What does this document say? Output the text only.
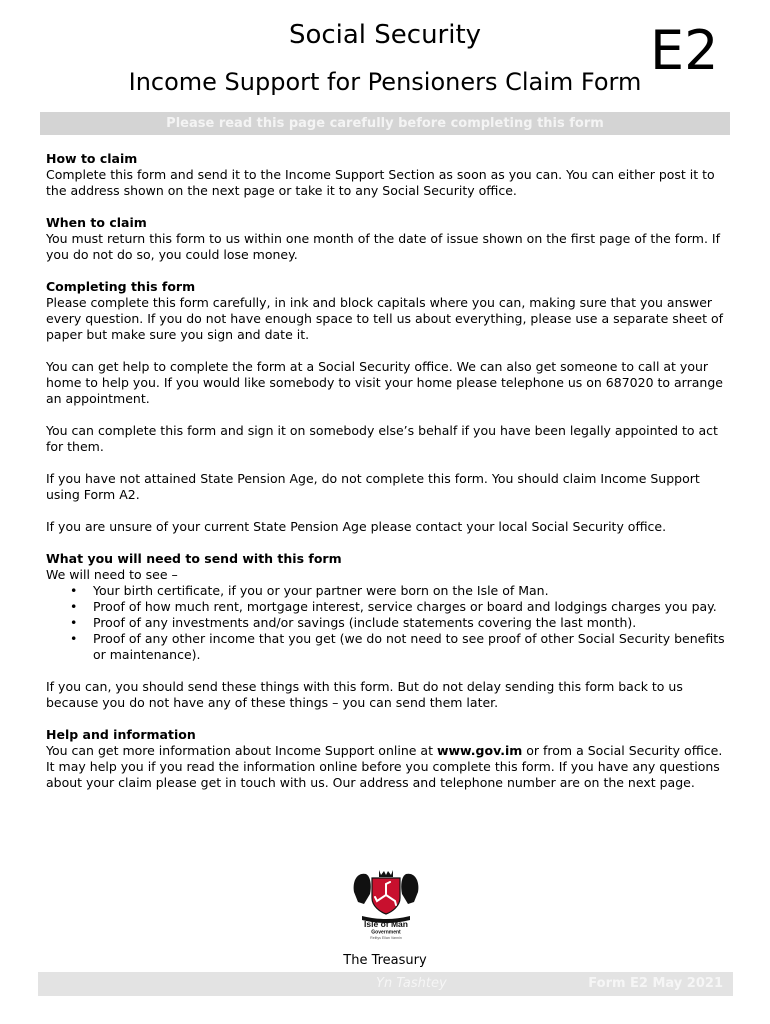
Social Security
Income Support for Pensioners Claim Form E2
Please read this page carefully before completing this form
How to claim

Complete this form and send it to the Income Support Section as soon as you can. You can either post it to the address shown on the next page or take it to any Social Security office.

When to claim

You must return this form to us within one month of the date of issue shown on the first page of the form. If you do not do so, you could lose money.

Completing this form

Please complete this form carefully, in ink and block capitals where you can, making sure that you answer every question. If you do not have enough space to tell us about everything, please use a separate sheet of paper but make sure you sign and date it.

You can get help to complete the form at a Social Security office. We can also get someone to call at your home to help you. If you would like somebody to visit your home please telephone us on 687020 to arrange an appointment.

You can complete this form and sign it on somebody else’s behalf if you have been legally appointed to act for them.

If you have not attained State Pension Age, do not complete this form. You should claim Income Support using Form A2.

If you are unsure of your current State Pension Age please contact your local Social Security office.

What you will need to send with this form

We will need to see –

• Your birth certificate, if you or your partner were born on the Isle of Man.
• Proof of how much rent, mortgage interest, service charges or board and lodgings charges you pay.
• Proof of any investments and/or savings (include statements covering the last month).
• Proof of any other income that you get (we do not need to see proof of other Social Security benefits or maintenance).

If you can, you should send these things with this form. But do not delay sending this form back to us because you do not have any of these things – you can send them later.

Help and information

You can get more information about Income Support online at www.gov.im or from a Social Security office. It may help you if you read the information online before you complete this form. If you have any questions about your claim please get in touch with us. Our address and telephone number are on the next page.

Isle of Man
Government
Reiltys Ellan Vannin
The Treasury
Yn Tashtey	Form E2 May 2021
